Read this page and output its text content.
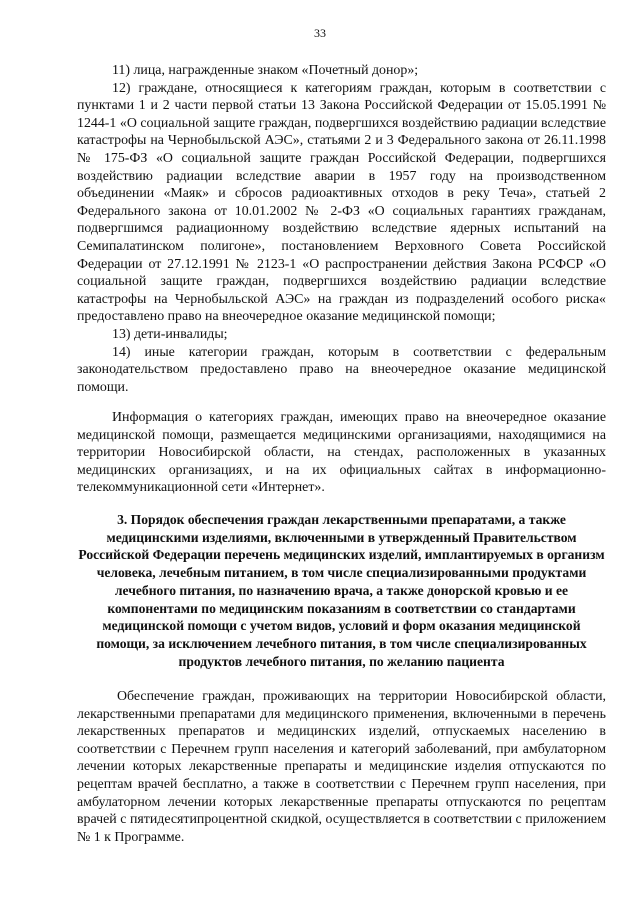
33

11) лица, награжденные знаком «Почетный донор»;

12) граждане, относящиеся к категориям граждан, которым в соответствии с пунктами 1 и 2 части первой статьи 13 Закона Российской Федерации от 15.05.1991 № 1244-1 «О социальной защите граждан, подвергшихся воздействию радиации вследствие катастрофы на Чернобыльской АЭС», статьями 2 и 3 Федерального закона от 26.11.1998 № 175-ФЗ «О социальной защите граждан Российской Федерации, подвергшихся воздействию радиации вследствие аварии в 1957 году на производственном объединении «Маяк» и сбросов радиоактивных отходов в реку Теча», статьей 2 Федерального закона от 10.01.2002 № 2-ФЗ «О социальных гарантиях гражданам, подвергшимся радиационному воздействию вследствие ядерных испытаний на Семипалатинском полигоне», постановлением Верховного Совета Российской Федерации от 27.12.1991 № 2123-1 «О распространении действия Закона РСФСР «О социальной защите граждан, подвергшихся воздействию радиации вследствие катастрофы на Чернобыльской АЭС» на граждан из подразделений особого риска« предоставлено право на внеочередное оказание медицинской помощи;

13) дети-инвалиды;

14) иные категории граждан, которым в соответствии с федеральным законодательством предоставлено право на внеочередное оказание медицинской помощи.

Информация о категориях граждан, имеющих право на внеочередное оказание медицинской помощи, размещается медицинскими организациями, находящимися на территории Новосибирской области, на стендах, расположенных в указанных медицинских организациях, и на их официальных сайтах в информационно-телекоммуникационной сети «Интернет».

3. Порядок обеспечения граждан лекарственными препаратами, а также медицинскими изделиями, включенными в утвержденный Правительством Российской Федерации перечень медицинских изделий, имплантируемых в организм человека, лечебным питанием, в том числе специализированными продуктами лечебного питания, по назначению врача, а также донорской кровью и ее компонентами по медицинским показаниям в соответствии со стандартами медицинской помощи с учетом видов, условий и форм оказания медицинской помощи, за исключением лечебного питания, в том числе специализированных продуктов лечебного питания, по желанию пациента

Обеспечение граждан, проживающих на территории Новосибирской области, лекарственными препаратами для медицинского применения, включенными в перечень лекарственных препаратов и медицинских изделий, отпускаемых населению в соответствии с Перечнем групп населения и категорий заболеваний, при амбулаторном лечении которых лекарственные препараты и медицинские изделия отпускаются по рецептам врачей бесплатно, а также в соответствии с Перечнем групп населения, при амбулаторном лечении которых лекарственные препараты отпускаются по рецептам врачей с пятидесятипроцентной скидкой, осуществляется в соответствии с приложением № 1 к Программе.
